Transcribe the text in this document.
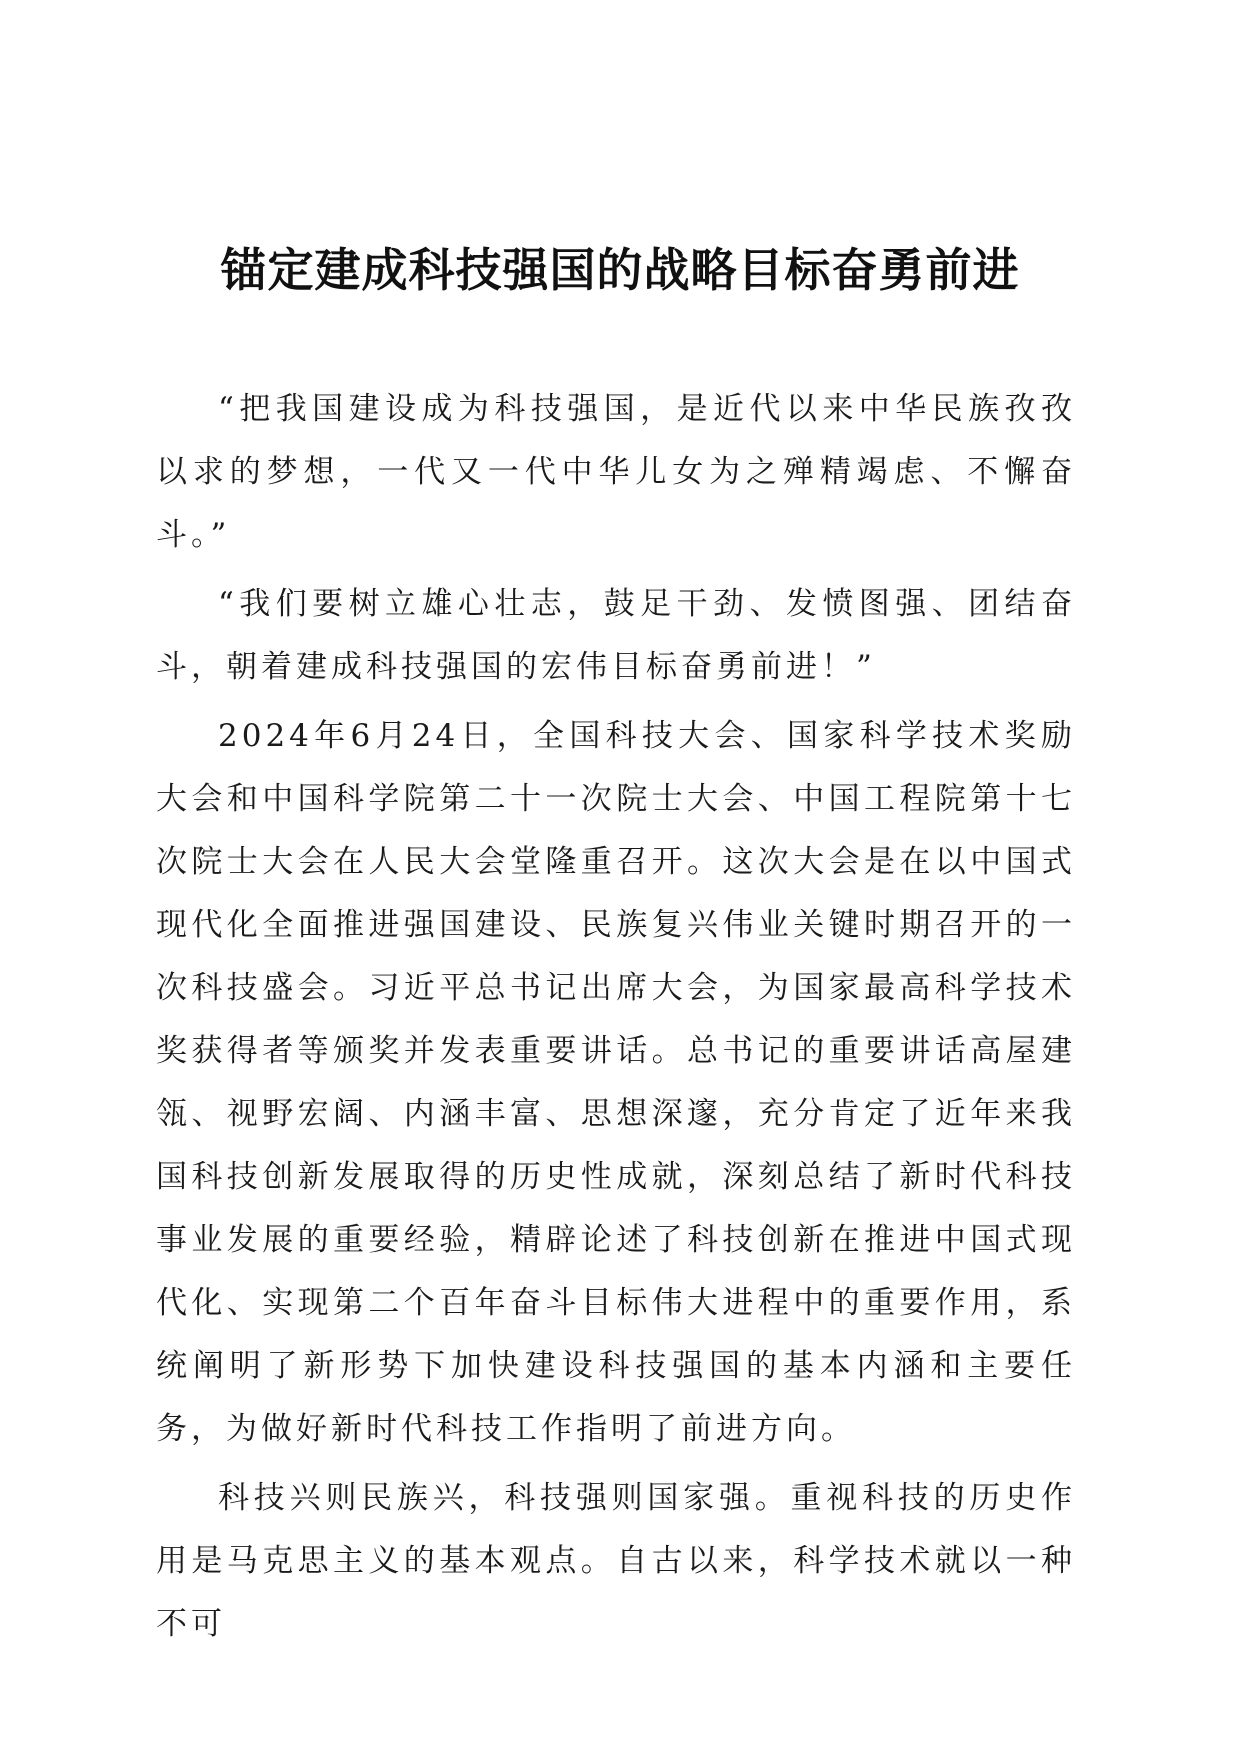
锚定建成科技强国的战略目标奋勇前进

“把我国建设成为科技强国，是近代以来中华民族孜孜以求的梦想，一代又一代中华儿女为之殚精竭虑、不懈奋斗。”

“我们要树立雄心壮志，鼓足干劲、发愤图强、团结奋斗，朝着建成科技强国的宏伟目标奋勇前进！”

2024年6月24日，全国科技大会、国家科学技术奖励大会和中国科学院第二十一次院士大会、中国工程院第十七次院士大会在人民大会堂隆重召开。这次大会是在以中国式现代化全面推进强国建设、民族复兴伟业关键时期召开的一次科技盛会。习近平总书记出席大会，为国家最高科学技术奖获得者等颁奖并发表重要讲话。总书记的重要讲话高屋建瓴、视野宏阔、内涵丰富、思想深邃，充分肯定了近年来我国科技创新发展取得的历史性成就，深刻总结了新时代科技事业发展的重要经验，精辟论述了科技创新在推进中国式现代化、实现第二个百年奋斗目标伟大进程中的重要作用，系统阐明了新形势下加快建设科技强国的基本内涵和主要任务，为做好新时代科技工作指明了前进方向。

科技兴则民族兴，科技强则国家强。重视科技的历史作用是马克思主义的基本观点。自古以来，科学技术就以一种不可
